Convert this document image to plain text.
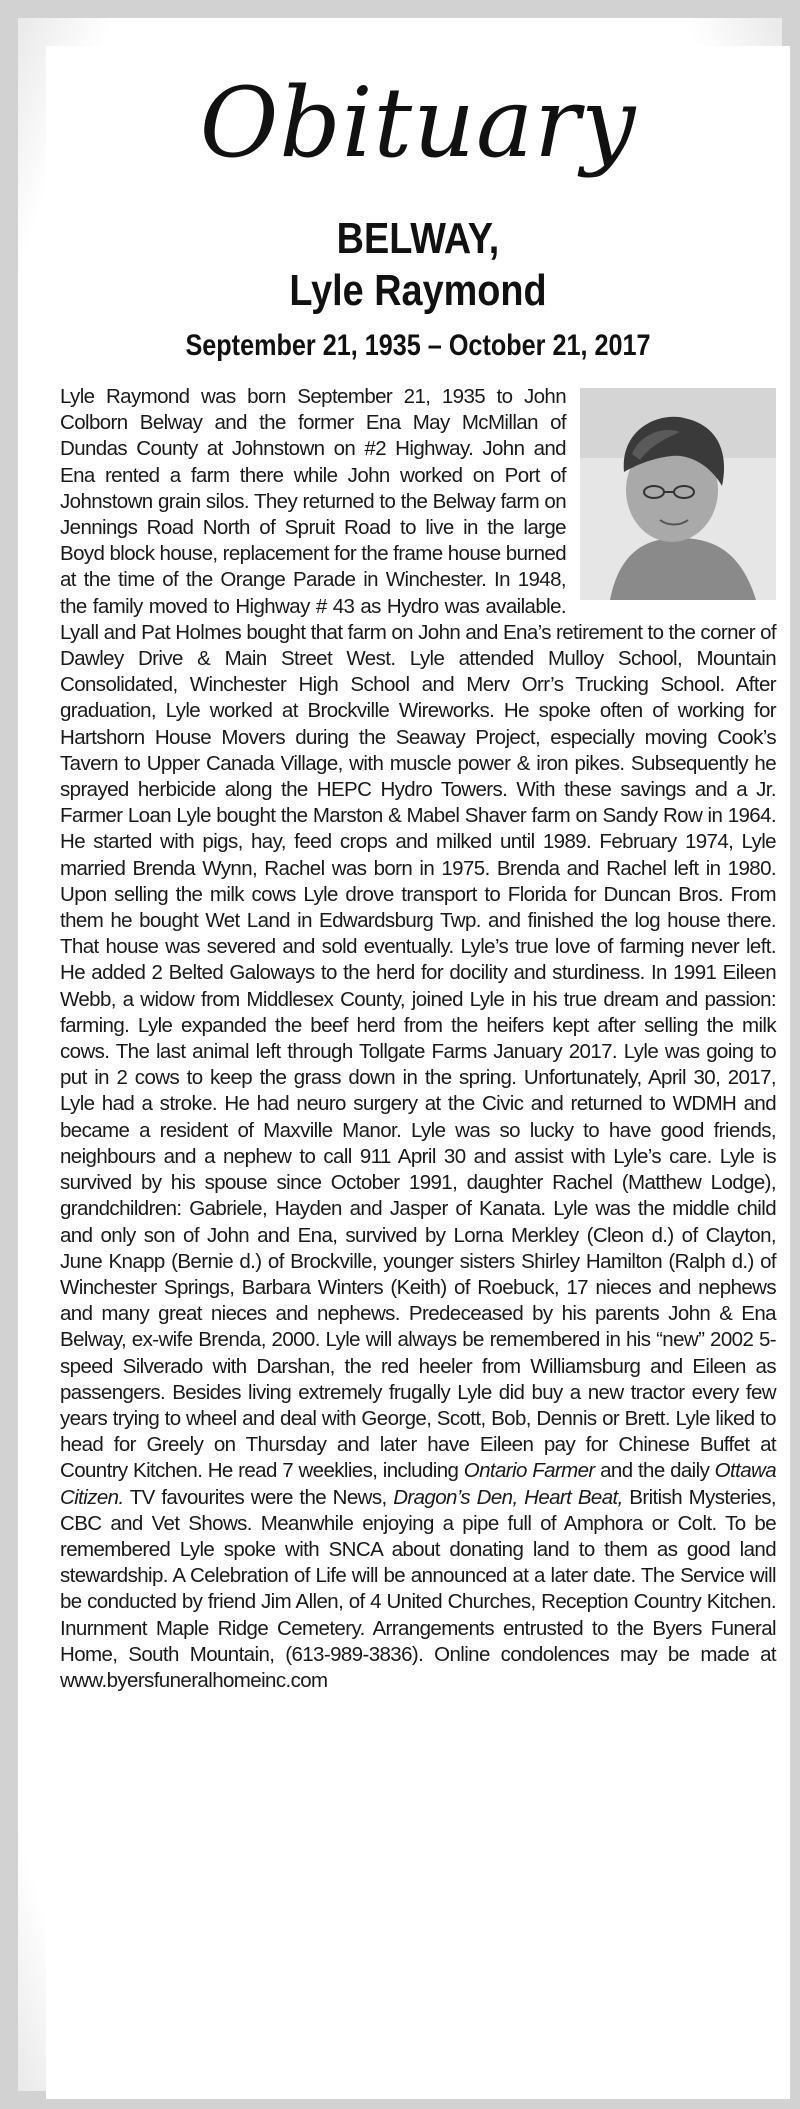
Obituary
BELWAY,
Lyle Raymond
September 21, 1935 – October 21, 2017
Lyle Raymond was born September 21, 1935 to John Colborn Belway and the former Ena May McMillan of Dundas County at Johnstown on #2 Highway. John and Ena rented a farm there while John worked on Port of Johnstown grain silos. They returned to the Belway farm on Jennings Road North of Spruit Road to live in the large Boyd block house, replacement for the frame house burned at the time of the Orange Parade in Winchester. In 1948, the family moved to Highway # 43 as Hydro was available. Lyall and Pat Holmes bought that farm on John and Ena’s retirement to the corner of Dawley Drive & Main Street West. Lyle attended Mulloy School, Mountain Consolidated, Winchester High School and Merv Orr’s Trucking School. After graduation, Lyle worked at Brockville Wireworks. He spoke often of working for Hartshorn House Movers during the Seaway Project, especially moving Cook’s Tavern to Upper Canada Village, with muscle power & iron pikes. Subsequently he sprayed herbicide along the HEPC Hydro Towers. With these savings and a Jr. Farmer Loan Lyle bought the Marston & Mabel Shaver farm on Sandy Row in 1964. He started with pigs, hay, feed crops and milked until 1989. February 1974, Lyle married Brenda Wynn, Rachel was born in 1975. Brenda and Rachel left in 1980. Upon selling the milk cows Lyle drove transport to Florida for Duncan Bros. From them he bought Wet Land in Edwardsburg Twp. and finished the log house there. That house was severed and sold eventually. Lyle’s true love of farming never left. He added 2 Belted Galoways to the herd for docility and sturdiness. In 1991 Eileen Webb, a widow from Middlesex County, joined Lyle in his true dream and passion: farming. Lyle expanded the beef herd from the heifers kept after selling the milk cows. The last animal left through Tollgate Farms January 2017. Lyle was going to put in 2 cows to keep the grass down in the spring. Unfortunately, April 30, 2017, Lyle had a stroke. He had neuro surgery at the Civic and returned to WDMH and became a resident of Maxville Manor. Lyle was so lucky to have good friends, neighbours and a nephew to call 911 April 30 and assist with Lyle’s care. Lyle is survived by his spouse since October 1991, daughter Rachel (Matthew Lodge), grandchildren: Gabriele, Hayden and Jasper of Kanata. Lyle was the middle child and only son of John and Ena, survived by Lorna Merkley (Cleon d.) of Clayton, June Knapp (Bernie d.) of Brockville, younger sisters Shirley Hamilton (Ralph d.) of Winchester Springs, Barbara Winters (Keith) of Roebuck, 17 nieces and nephews and many great nieces and nephews. Predeceased by his parents John & Ena Belway, ex-wife Brenda, 2000. Lyle will always be remembered in his “new” 2002 5-speed Silverado with Darshan, the red heeler from Williamsburg and Eileen as passengers. Besides living extremely frugally Lyle did buy a new tractor every few years trying to wheel and deal with George, Scott, Bob, Dennis or Brett. Lyle liked to head for Greely on Thursday and later have Eileen pay for Chinese Buffet at Country Kitchen. He read 7 weeklies, including Ontario Farmer and the daily Ottawa Citizen. TV favourites were the News, Dragon’s Den, Heart Beat, British Mysteries, CBC and Vet Shows. Meanwhile enjoying a pipe full of Amphora or Colt. To be remembered Lyle spoke with SNCA about donating land to them as good land stewardship. A Celebration of Life will be announced at a later date. The Service will be conducted by friend Jim Allen, of 4 United Churches, Reception Country Kitchen. Inurnment Maple Ridge Cemetery. Arrangements entrusted to the Byers Funeral Home, South Mountain, (613-989-3836). Online condolences may be made at www.byersfuneralhomeinc.com
